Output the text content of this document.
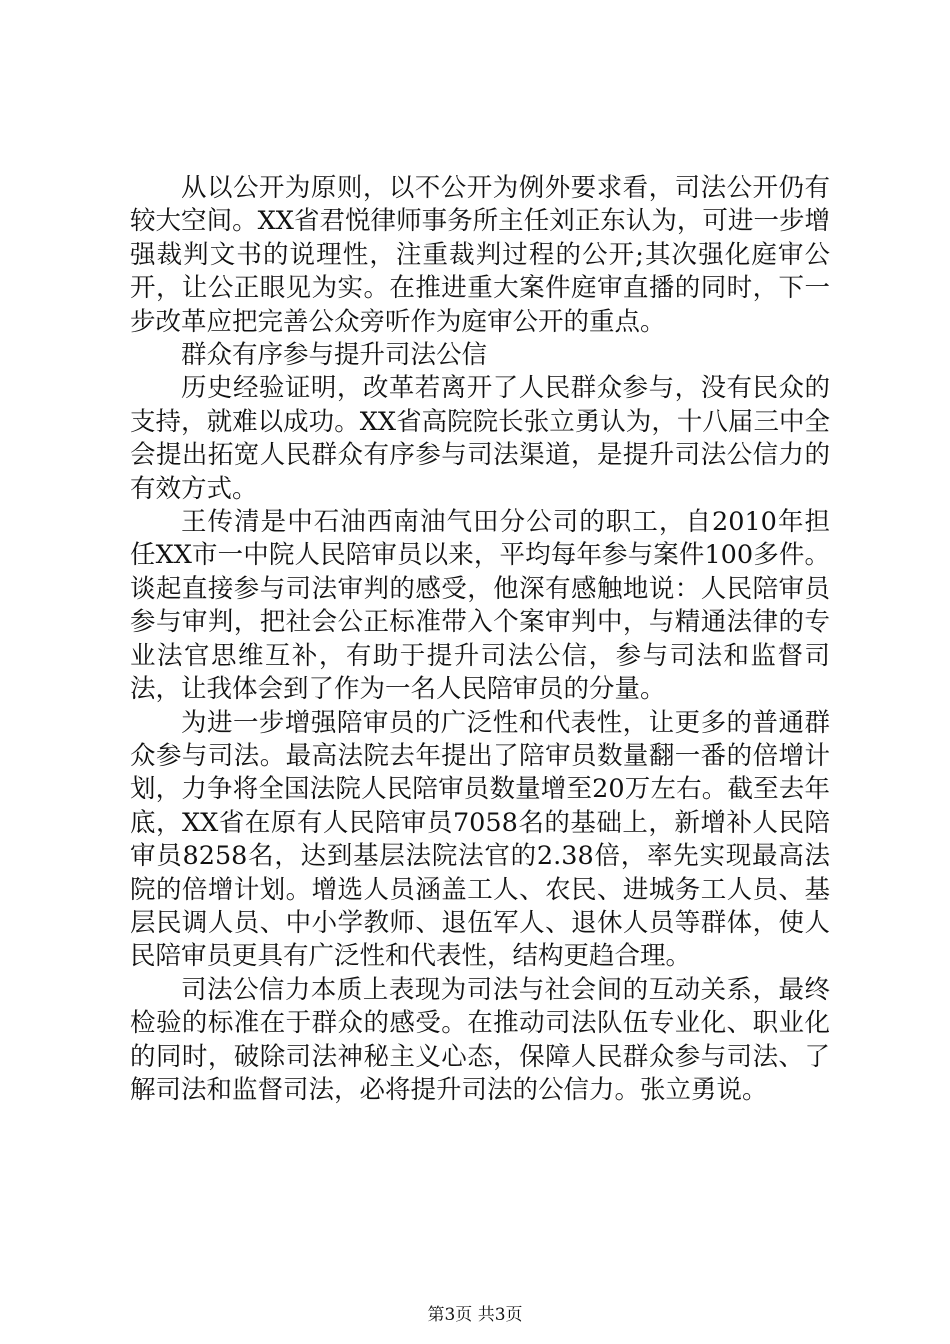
从以公开为原则，以不公开为例外要求看，司法公开仍有较大空间。XX省君悦律师事务所主任刘正东认为，可进一步增强裁判文书的说理性，注重裁判过程的公开;其次强化庭审公开，让公正眼见为实。在推进重大案件庭审直播的同时，下一步改革应把完善公众旁听作为庭审公开的重点。

群众有序参与提升司法公信

历史经验证明，改革若离开了人民群众参与，没有民众的支持，就难以成功。XX省高院院长张立勇认为，十八届三中全会提出拓宽人民群众有序参与司法渠道，是提升司法公信力的有效方式。

王传清是中石油西南油气田分公司的职工，自2010年担任XX市一中院人民陪审员以来，平均每年参与案件100多件。谈起直接参与司法审判的感受，他深有感触地说：人民陪审员参与审判，把社会公正标准带入个案审判中，与精通法律的专业法官思维互补，有助于提升司法公信，参与司法和监督司法，让我体会到了作为一名人民陪审员的分量。

为进一步增强陪审员的广泛性和代表性，让更多的普通群众参与司法。最高法院去年提出了陪审员数量翻一番的倍增计划，力争将全国法院人民陪审员数量增至20万左右。截至去年底，XX省在原有人民陪审员7058名的基础上，新增补人民陪审员8258名，达到基层法院法官的2.38倍，率先实现最高法院的倍增计划。增选人员涵盖工人、农民、进城务工人员、基层民调人员、中小学教师、退伍军人、退休人员等群体，使人民陪审员更具有广泛性和代表性，结构更趋合理。

司法公信力本质上表现为司法与社会间的互动关系，最终检验的标准在于群众的感受。在推动司法队伍专业化、职业化的同时，破除司法神秘主义心态，保障人民群众参与司法、了解司法和监督司法，必将提升司法的公信力。张立勇说。

第3页 共3页
